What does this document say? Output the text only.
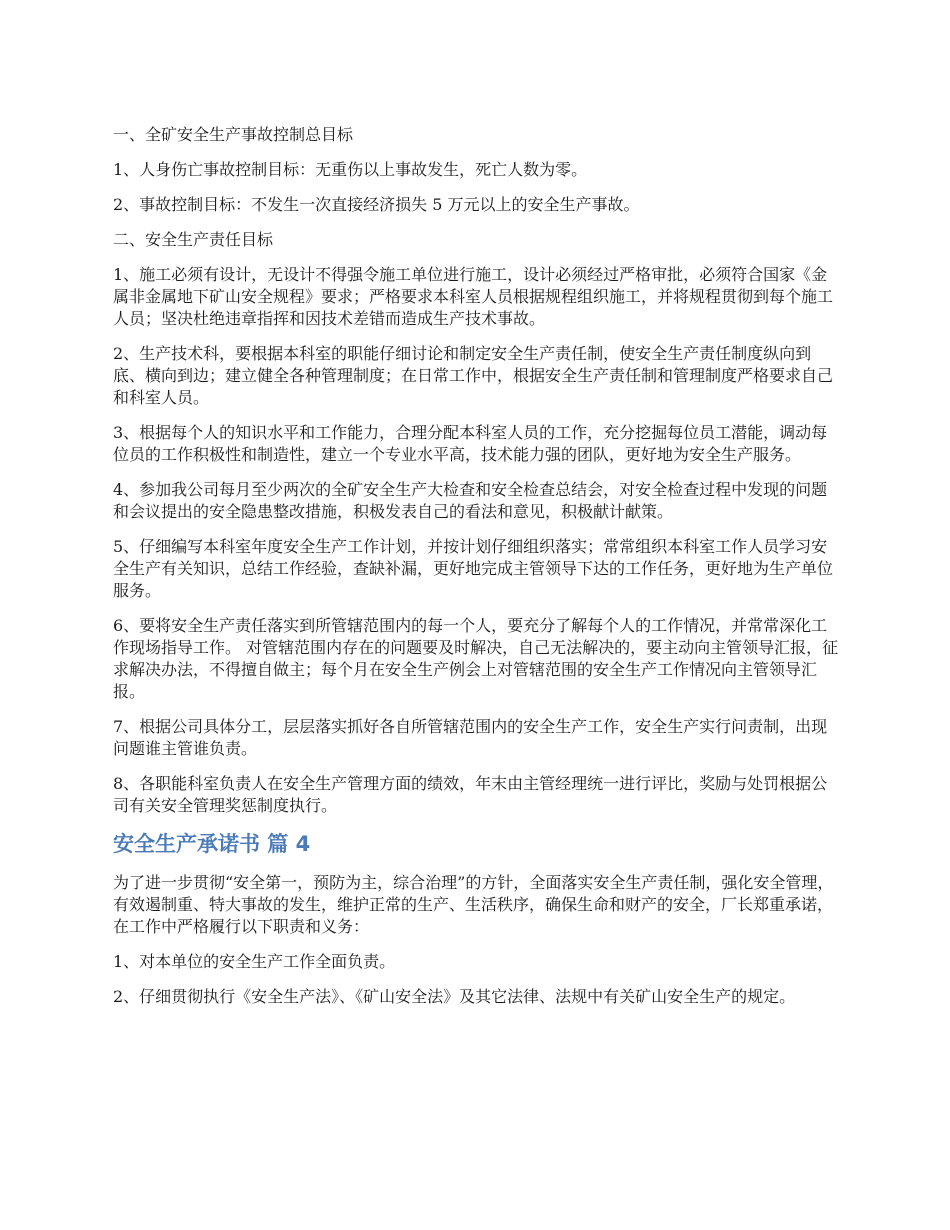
一、全矿安全生产事故控制总目标

1、人身伤亡事故控制目标：无重伤以上事故发生，死亡人数为零。

2、事故控制目标：不发生一次直接经济损失 5 万元以上的安全生产事故。

二、安全生产责任目标

1、施工必须有设计，无设计不得强令施工单位进行施工，设计必须经过严格审批，必须符合国家《金属非金属地下矿山安全规程》要求；严格要求本科室人员根据规程组织施工，并将规程贯彻到每个施工人员；坚决杜绝违章指挥和因技术差错而造成生产技术事故。

2、生产技术科，要根据本科室的职能仔细讨论和制定安全生产责任制，使安全生产责任制度纵向到底、横向到边；建立健全各种管理制度；在日常工作中，根据安全生产责任制和管理制度严格要求自己和科室人员。

3、根据每个人的知识水平和工作能力，合理分配本科室人员的工作，充分挖掘每位员工潜能，调动每位员的工作积极性和制造性，建立一个专业水平高，技术能力强的团队，更好地为安全生产服务。

4、参加我公司每月至少两次的全矿安全生产大检查和安全检查总结会，对安全检查过程中发现的问题和会议提出的安全隐患整改措施，积极发表自己的看法和意见，积极献计献策。

5、仔细编写本科室年度安全生产工作计划，并按计划仔细组织落实；常常组织本科室工作人员学习安全生产有关知识，总结工作经验，查缺补漏，更好地完成主管领导下达的工作任务，更好地为生产单位服务。

6、要将安全生产责任落实到所管辖范围内的每一个人，要充分了解每个人的工作情况，并常常深化工作现场指导工作。 对管辖范围内存在的问题要及时解决，自己无法解决的，要主动向主管领导汇报，征求解决办法，不得擅自做主；每个月在安全生产例会上对管辖范围的安全生产工作情况向主管领导汇报。

7、根据公司具体分工，层层落实抓好各自所管辖范围内的安全生产工作，安全生产实行问责制，出现问题谁主管谁负责。

8、各职能科室负责人在安全生产管理方面的绩效，年末由主管经理统一进行评比，奖励与处罚根据公司有关安全管理奖惩制度执行。

安全生产承诺书 篇 4

为了进一步贯彻“安全第一，预防为主，综合治理”的方针，全面落实安全生产责任制，强化安全管理，有效遏制重、特大事故的发生，维护正常的生产、生活秩序，确保生命和财产的安全，厂长郑重承诺，在工作中严格履行以下职责和义务：

1、对本单位的安全生产工作全面负责。

2、仔细贯彻执行《安全生产法》、《矿山安全法》及其它法律、法规中有关矿山安全生产的规定。
